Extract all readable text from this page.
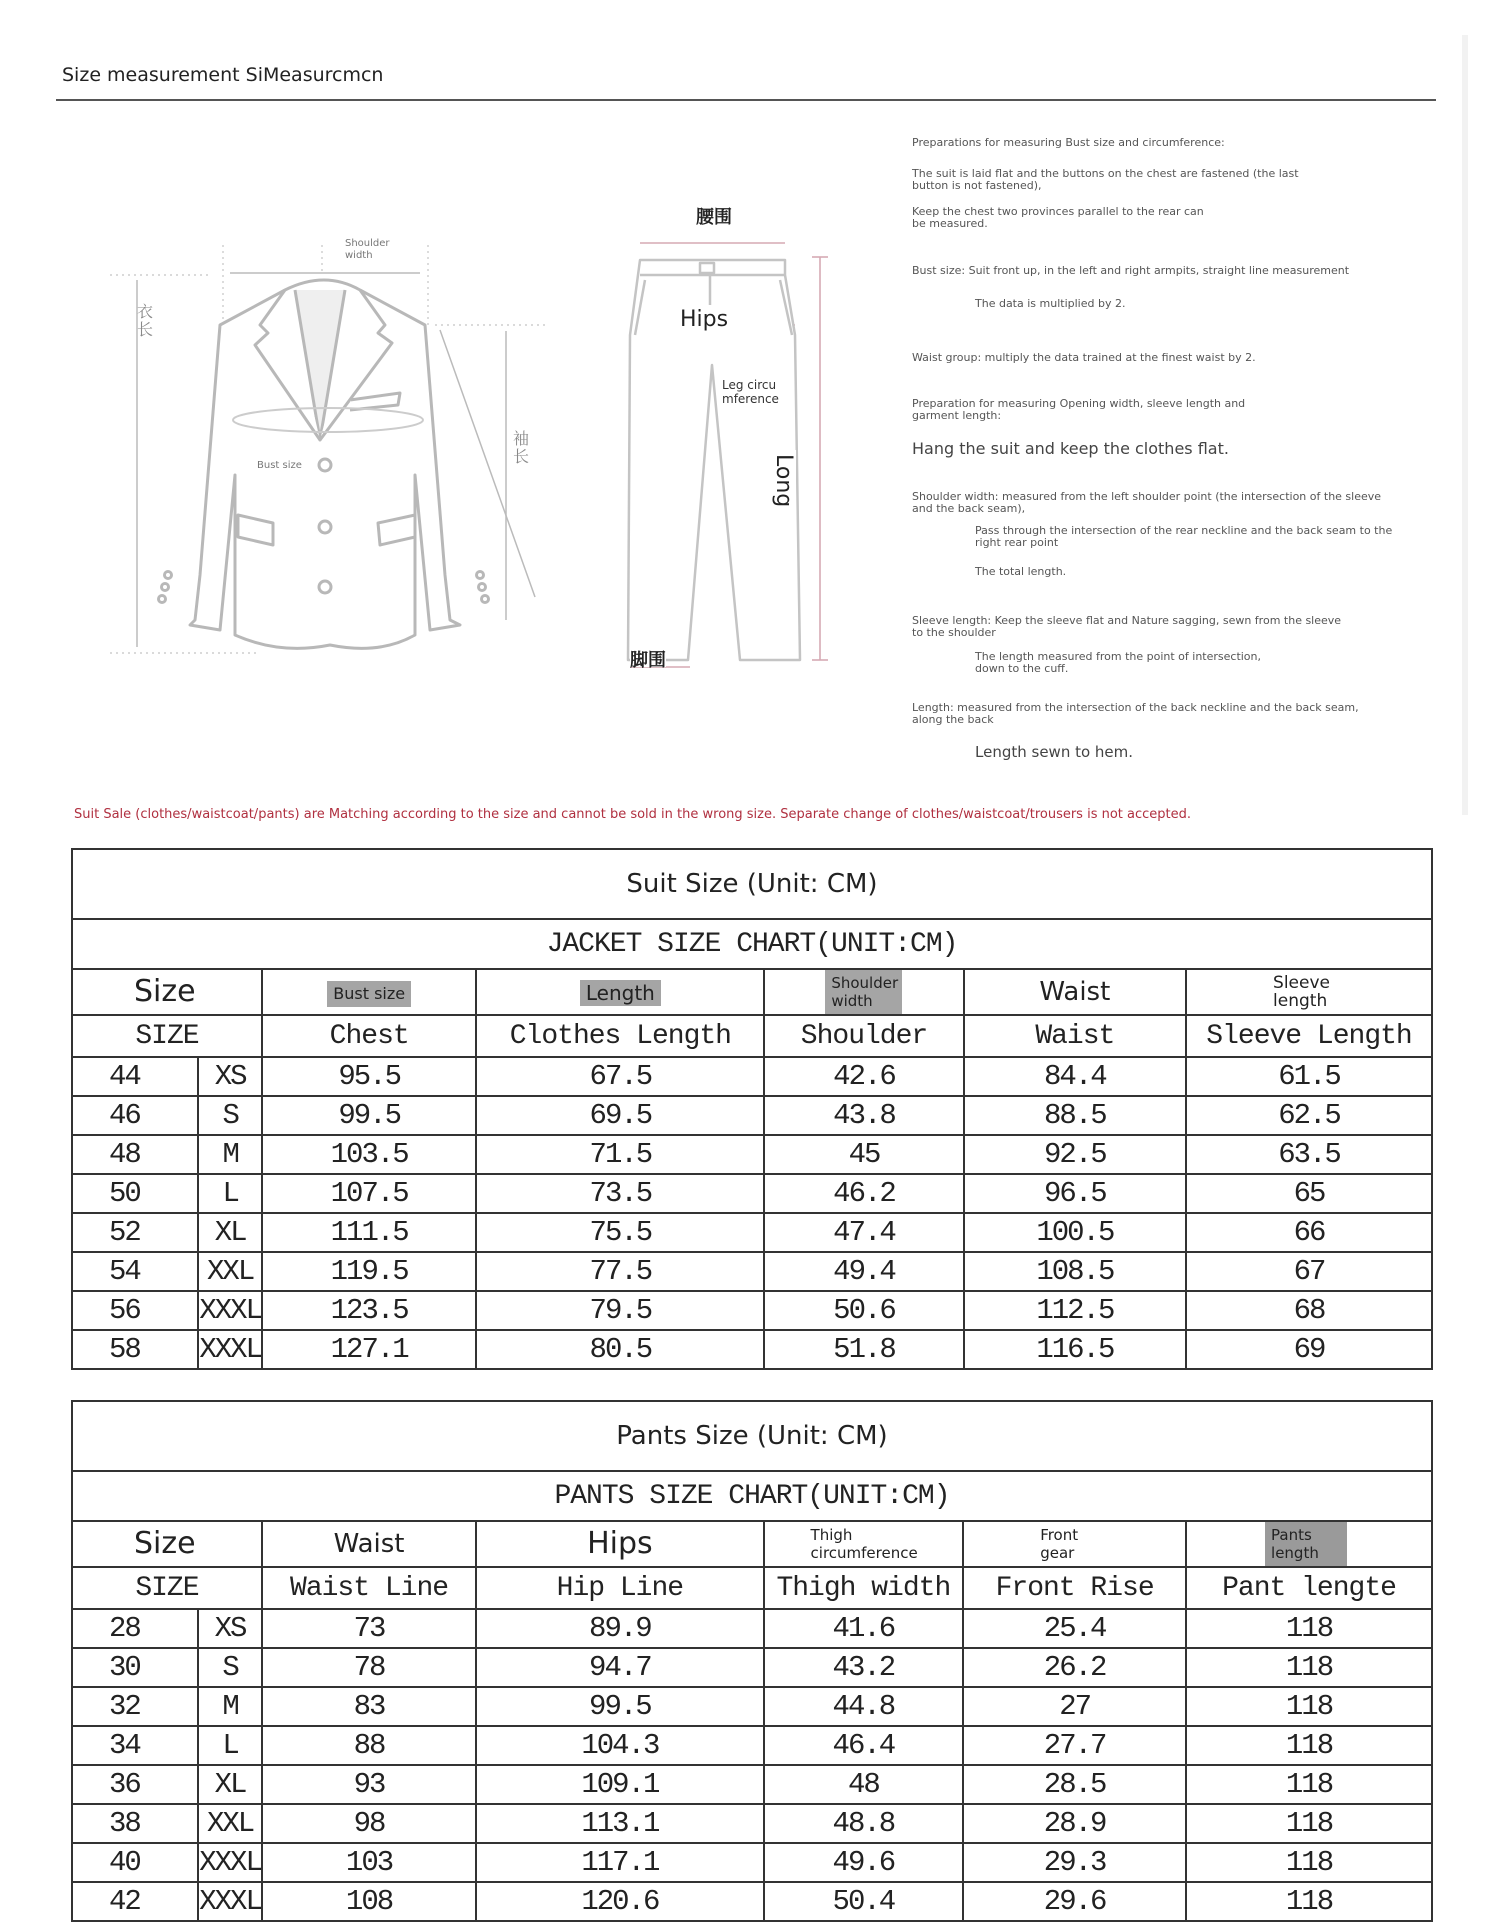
Size measurement SiMeasurcmcn
Shoulder width
Bust size
衣长
袖长
腰围
脚围
Hips
Leg circu mference
Long
Preparations for measuring Bust size and circumference:
The suit is laid flat and the buttons on the chest are fastened (the last button is not fastened),
Keep the chest two provinces parallel to the rear can be measured.
Bust size: Suit front up, in the left and right armpits, straight line measurement
The data is multiplied by 2.
Waist group: multiply the data trained at the finest waist by 2.
Preparation for measuring Opening width, sleeve length and garment length:
Hang the suit and keep the clothes flat.
Shoulder width: measured from the left shoulder point (the intersection of the sleeve and the back seam),
Pass through the intersection of the rear neckline and the back seam to the right rear point
The total length.
Sleeve length: Keep the sleeve flat and Nature sagging, sewn from the sleeve to the shoulder
The length measured from the point of intersection, down to the cuff.
Length: measured from the intersection of the back neckline and the back seam, along the back
Length sewn to hem.
Suit Sale (clothes/waistcoat/pants) are Matching according to the size and cannot be sold in the wrong size. Separate change of clothes/waistcoat/trousers is not accepted.
Suit Size (Unit: CM)						
JACKET SIZE CHART(UNIT:CM)						
Size		Bust size	Length	Shoulder width	Waist	Sleeve length
SIZE		Chest	Clothes Length	Shoulder	Waist	Sleeve Length
44	XS	95.5	67.5	42.6	84.4	61.5
46	S	99.5	69.5	43.8	88.5	62.5
48	M	103.5	71.5	45	92.5	63.5
50	L	107.5	73.5	46.2	96.5	65
52	XL	111.5	75.5	47.4	100.5	66
54	XXL	119.5	77.5	49.4	108.5	67
56	XXXL	123.5	79.5	50.6	112.5	68
58	XXXL	127.1	80.5	51.8	116.5	69
Pants Size (Unit: CM)						
PANTS SIZE CHART(UNIT:CM)						
Size		Waist	Hips	Thigh circumference	Front gear	Pants length
SIZE		Waist Line	Hip Line	Thigh width	Front Rise	Pant lengte
28	XS	73	89.9	41.6	25.4	118
30	S	78	94.7	43.2	26.2	118
32	M	83	99.5	44.8	27	118
34	L	88	104.3	46.4	27.7	118
36	XL	93	109.1	48	28.5	118
38	XXL	98	113.1	48.8	28.9	118
40	XXXL	103	117.1	49.6	29.3	118
42	XXXL	108	120.6	50.4	29.6	118
